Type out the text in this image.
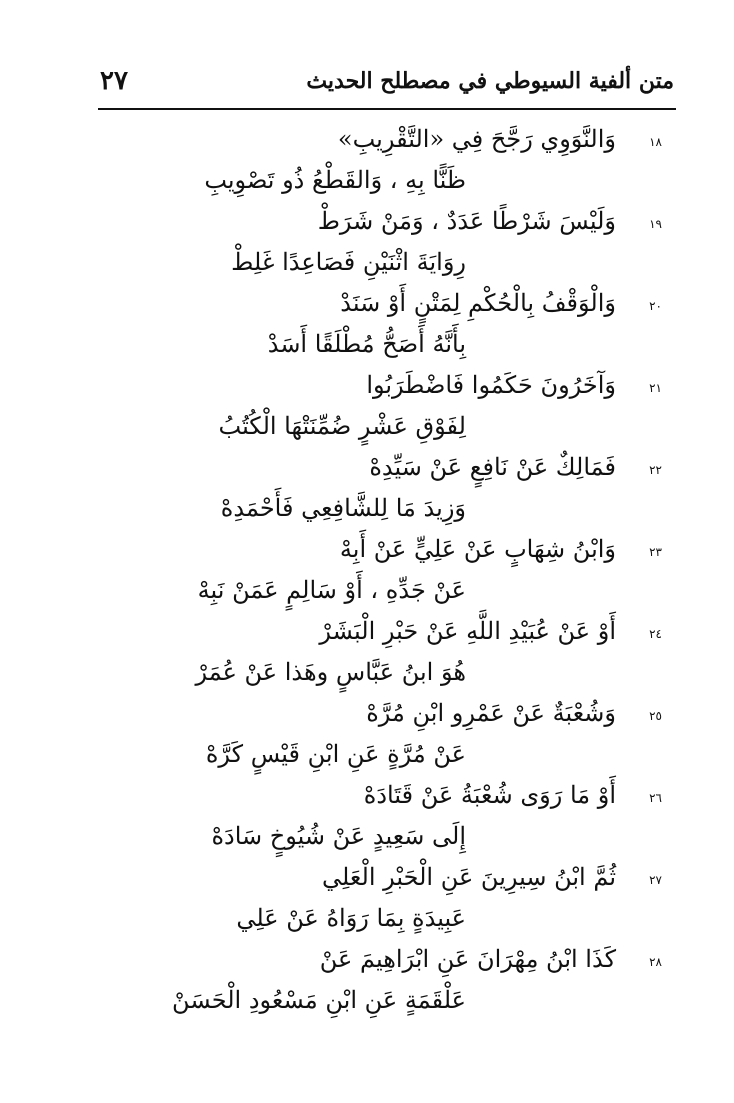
متن ألفية السيوطي في مصطلح الحديث
٢٧
١٨
وَالنَّوَوِي رَجَّحَ فِي «التَّقْرِيبِ»
ظَنًّا بِهِ ، وَالقَطْعُ ذُو تَصْوِيبِ
١٩
وَلَيْسَ شَرْطًا عَدَدٌ ، وَمَنْ شَرَطْ
رِوَايَةَ اثْنَيْنِ فَصَاعِدًا غَلِطْ
٢٠
وَالْوَقْفُ بِالْحُكْمِ لِمَتْنٍ أَوْ سَنَدْ
بِأَنَّهُ أَصَحُّ مُطْلَقًا أَسَدْ
٢١
وَآخَرُونَ حَكَمُوا فَاضْطَرَبُوا
لِفَوْقِ عَشْرٍ ضُمِّنَتْهَا الْكُتُبُ
٢٢
فَمَالِكٌ عَنْ نَافِعٍ عَنْ سَيِّدِهْ
وَزِيدَ مَا لِلشَّافِعِي فَأَحْمَدِهْ
٢٣
وَابْنُ شِهَابٍ عَنْ عَلِيٍّ عَنْ أَبِهْ
عَنْ جَدِّهِ ، أَوْ سَالِمٍ عَمَنْ نَبِهْ
٢٤
أَوْ عَنْ عُبَيْدِ اللَّهِ عَنْ حَبْرِ الْبَشَرْ
هُوَ ابنُ عَبَّاسٍ وهَذا عَنْ عُمَرْ
٢٥
وَشُعْبَةٌ عَنْ عَمْرِو ابْنِ مُرَّهْ
عَنْ مُرَّةٍ عَنِ ابْنِ قَيْسٍ كَرَّهْ
٢٦
أَوْ مَا رَوَى شُعْبَةُ عَنْ قَتَادَهْ
إِلَى سَعِيدٍ عَنْ شُيُوخٍ سَادَهْ
٢٧
ثُمَّ ابْنُ سِيرِينَ عَنِ الْحَبْرِ الْعَلِي
عَبِيدَةٍ بِمَا رَوَاهُ عَنْ عَلِي
٢٨
كَذَا ابْنُ مِهْرَانَ عَنِ ابْرَاهِيمَ عَنْ
عَلْقَمَةٍ عَنِ ابْنِ مَسْعُودِ الْحَسَنْ
